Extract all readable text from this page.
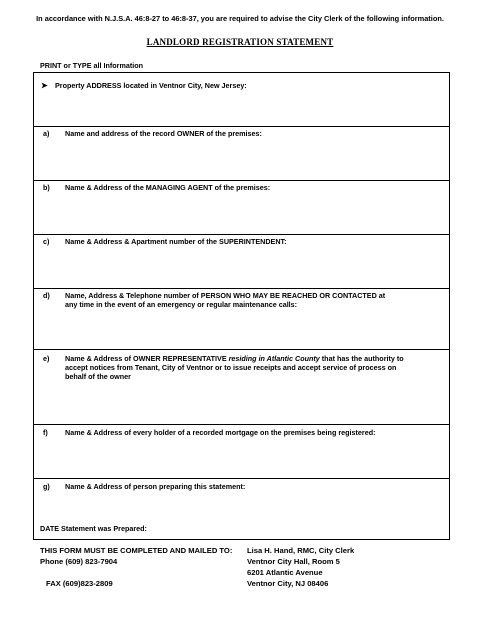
In accordance with N.J.S.A. 46:8-27 to 46:8-37, you are required to advise the City Clerk of the following information.
LANDLORD REGISTRATION STATEMENT
PRINT or TYPE all Information
➤ Property ADDRESS located in Ventnor City, New Jersey:
a) Name and address of the record OWNER of the premises:
b) Name & Address of the MANAGING AGENT of the premises:
c) Name & Address & Apartment number of the SUPERINTENDENT:
d) Name, Address & Telephone number of PERSON WHO MAY BE REACHED OR CONTACTED at
any time in the event of an emergency or regular maintenance calls:
e) Name & Address of OWNER REPRESENTATIVE residing in Atlantic County that has the authority to
accept notices from Tenant, City of Ventnor or to issue receipts and accept service of process on
behalf of the owner
f) Name & Address of every holder of a recorded mortgage on the premises being registered:
g) Name & Address of person preparing this statement:
DATE Statement was Prepared:
THIS FORM MUST BE COMPLETED AND MAILED TO:

Phone (609) 823-7904
FAX (609)823-2809
Lisa H. Hand, RMC, City Clerk
Ventnor City Hall, Room 5
6201 Atlantic Avenue
Ventnor City, NJ 08406
